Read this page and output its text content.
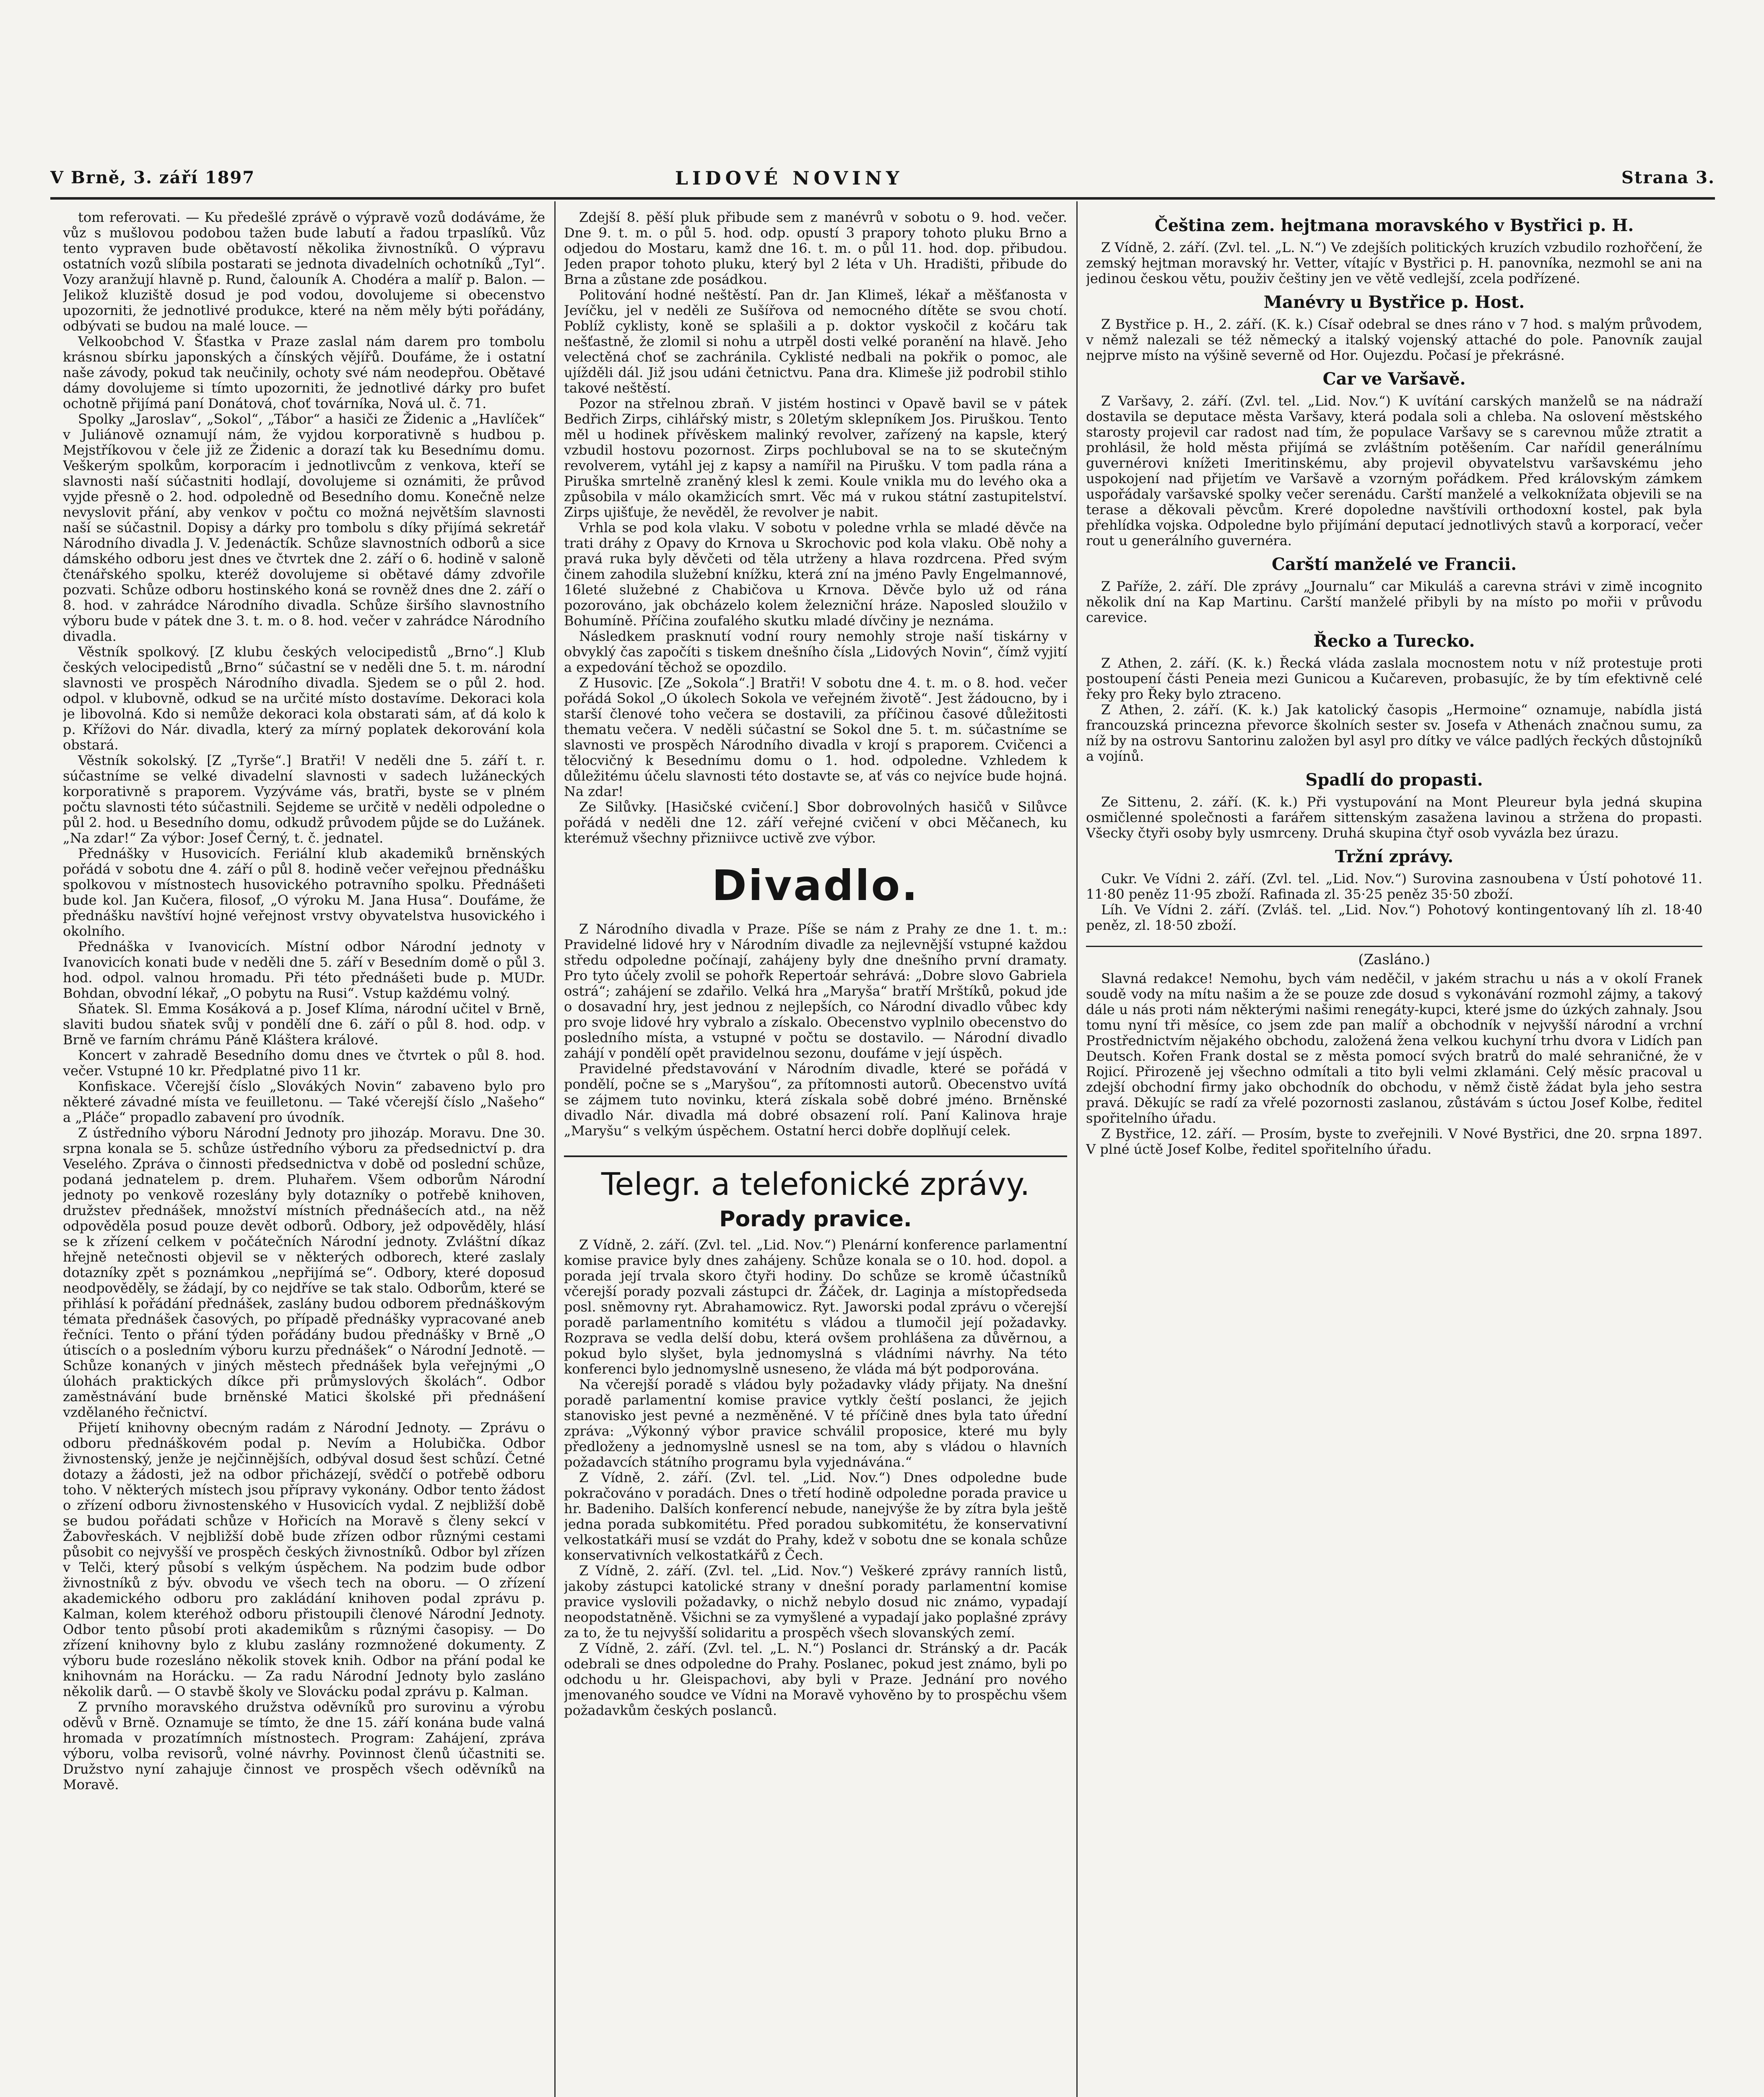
V Brně, 3. září 1897	LIDOVÉ NOVINY	Strana 3.

tom referovati. — Ku předešlé zprávě o výpravě vozů dodáváme, že vůz s mušlovou podobou tažen bude labutí a řadou trpaslíků. Vůz tento vypraven bude obětavostí několika živnostníků. O výpravu ostatních vozů slíbila postarati se jednota divadelních ochotníků „Tyl“. Vozy aranžují hlavně p. Rund, čalouník A. Chodéra a malíř p. Balon. — Jelikož kluziště dosud je pod vodou, dovolujeme si obecenstvo upozorniti, že jednotlivé produkce, které na něm měly býti pořádány, odbývati se budou na malé louce. —

Velkoobchod V. Šťastka v Praze zaslal nám darem pro tombolu krásnou sbírku japonských a čínských vějířů. Doufáme, že i ostatní naše závody, pokud tak neučinily, ochoty své nám neodepřou. Obětavé dámy dovolujeme si tímto upozorniti, že jednotlivé dárky pro bufet ochotně přijímá paní Donátová, choť továrníka, Nová ul. č. 71.

Spolky „Jaroslav“, „Sokol“, „Tábor“ a hasiči ze Židenic a „Havlíček“ v Juliánově oznamují nám, že vyjdou korporativně s hudbou p. Mejstříkovou v čele již ze Židenic a dorazí tak ku Besednímu domu. Veškerým spolkům, korporacím i jednotlivcům z venkova, kteří se slavnosti naší súčastniti hodlají, dovolujeme si oznámiti, že průvod vyjde přesně o 2. hod. odpoledně od Besedního domu. Konečně nelze nevyslovit přání, aby venkov v počtu co možná největším slavnosti naší se súčastnil. Dopisy a dárky pro tombolu s díky přijímá sekretář Národního divadla J. V. Jedenáctík. Schůze slavnostních odborů a sice dámského odboru jest dnes ve čtvrtek dne 2. září o 6. hodině v saloně čtenářského spolku, kteréž dovolujeme si obětavé dámy zdvořile pozvati. Schůze odboru hostinského koná se rovněž dnes dne 2. září o 8. hod. v zahrádce Národního divadla. Schůze širšího slavnostního výboru bude v pátek dne 3. t. m. o 8. hod. večer v zahrádce Národního divadla.

Věstník spolkový. [Z klubu českých velocipedistů „Brno“.] Klub českých velocipedistů „Brno“ súčastní se v neděli dne 5. t. m. národní slavnosti ve prospěch Národního divadla. Sjedem se o půl 2. hod. odpol. v klubovně, odkud se na určité místo dostavíme. Dekoraci kola je libovolná. Kdo si nemůže dekoraci kola obstarati sám, ať dá kolo k p. Křížovi do Nár. divadla, který za mírný poplatek dekorování kola obstará.

Věstník sokolský. [Z „Tyrše“.] Bratři! V neděli dne 5. září t. r. súčastníme se velké divadelní slavnosti v sadech lužáneckých korporativně s praporem. Vyzýváme vás, bratři, byste se v plném počtu slavnosti této súčastnili. Sejdeme se určitě v neděli odpoledne o půl 2. hod. u Besedního domu, odkudž průvodem půjde se do Lužánek. „Na zdar!“ Za výbor: Josef Černý, t. č. jednatel.

Přednášky v Husovicích. Feriální klub akademiků brněnských pořádá v sobotu dne 4. září o půl 8. hodině večer veřejnou přednášku spolkovou v místnostech husovického potravního spolku. Přednášeti bude kol. Jan Kučera, filosof, „O výroku M. Jana Husa“. Doufáme, že přednášku navštíví hojné veřejnost vrstvy obyvatelstva husovického i okolního.

Přednáška v Ivanovicích. Místní odbor Národní jednoty v Ivanovicích konati bude v neděli dne 5. září v Besedním domě o půl 3. hod. odpol. valnou hromadu. Při této přednášeti bude p. MUDr. Bohdan, obvodní lékař, „O pobytu na Rusi“. Vstup každému volný.

Sňatek. Sl. Emma Kosáková a p. Josef Klíma, národní učitel v Brně, slaviti budou sňatek svůj v pondělí dne 6. září o půl 8. hod. odp. v Brně ve farním chrámu Páně Kláštera králové.

Koncert v zahradě Besedního domu dnes ve čtvrtek o půl 8. hod. večer. Vstupné 10 kr. Předplatné pivo 11 kr.

Konfiskace. Včerejší číslo „Slovákých Novin“ zabaveno bylo pro některé závadné místa ve feuilletonu. — Také včerejší číslo „Našeho“ a „Pláče“ propadlo zabavení pro úvodník.

Z ústředního výboru Národní Jednoty pro jihozáp. Moravu. Dne 30. srpna konala se 5. schůze ústředního výboru za předsednictví p. dra Veselého. Zpráva o činnosti předsednictva v době od poslední schůze, podaná jednatelem p. drem. Pluhařem. Všem odborům Národní jednoty po venkově rozeslány byly dotazníky o potřebě knihoven, družstev přednášek, množství místních přednášecích atd., na něž odpověděla posud pouze devět odborů. Odbory, jež odpověděly, hlásí se k zřízení celkem v počátečních Národní jednoty. Zvláštní díkaz hřejně netečnosti objevil se v některých odborech, které zaslaly dotazníky zpět s poznámkou „nepřijímá se“. Odbory, které doposud neodpověděly, se žádají, by co nejdříve se tak stalo. Odborům, které se přihlásí k pořádání přednášek, zaslány budou odborem přednáškovým témata přednášek časových, po případě přednášky vypracované aneb řečníci. Tento o přání týden pořádány budou přednášky v Brně „O útiscích o a posledním výboru kurzu přednášek“ o Národní Jednotě. — Schůze konaných v jiných městech přednášek byla veřejnými „O úlohách praktických díkce při průmyslových školách“. Odbor zaměstnávání bude brněnské Matici školské při přednášení vzdělaného řečnictví.

Přijetí knihovny obecným radám z Národní Jednoty. — Zprávu o odboru přednáškovém podal p. Nevím a Holubička. Odbor živnostenský, jenže je nejčinnějších, odbýval dosud šest schůzí. Četné dotazy a žádosti, jež na odbor přicházejí, svědčí o potřebě odboru toho. V některých místech jsou přípravy vykonány. Odbor tento žádost o zřízení odboru živnostenského v Husovicích vydal. Z nejbližší době se budou pořádati schůze v Hořicích na Moravě s členy sekcí v Žabovřeskách. V nejbližší době bude zřízen odbor různými cestami působit co nejvyšší ve prospěch českých živnostníků. Odbor byl zřízen v Telči, který působí s velkým úspěchem. Na podzim bude odbor živnostníků z býv. obvodu ve všech tech na oboru. — O zřízení akademického odboru pro zakládání knihoven podal zprávu p. Kalman, kolem kteréhož odboru přistoupili členové Národní Jednoty. Odbor tento působí proti akademikům s různými časopisy. — Do zřízení knihovny bylo z klubu zaslány rozmnožené dokumenty. Z výboru bude rozesláno několik stovek knih. Odbor na přání podal ke knihovnám na Horácku. — Za radu Národní Jednoty bylo zasláno několik darů. — O stavbě školy ve Slovácku podal zprávu p. Kalman.

Z prvního moravského družstva oděvníků pro surovinu a výrobu oděvů v Brně. Oznamuje se tímto, že dne 15. září konána bude valná hromada v prozatímních místnostech. Program: Zahájení, zpráva výboru, volba revisorů, volné návrhy. Povinnost členů účastniti se. Družstvo nyní zahajuje činnost ve prospěch všech oděvníků na Moravě.

Zdejší 8. pěší pluk přibude sem z manévrů v sobotu o 9. hod. večer. Dne 9. t. m. o půl 5. hod. odp. opustí 3 prapory tohoto pluku Brno a odjedou do Mostaru, kamž dne 16. t. m. o půl 11. hod. dop. přibudou. Jeden prapor tohoto pluku, který byl 2 léta v Uh. Hradišti, přibude do Brna a zůstane zde posádkou.

Politování hodné neštěstí. Pan dr. Jan Klimeš, lékař a měšťanosta v Jevíčku, jel v neděli ze Sušířova od nemocného dítěte se svou chotí. Poblíž cyklisty, koně se splašili a p. doktor vyskočil z kočáru tak nešťastně, že zlomil si nohu a utrpěl dosti velké poranění na hlavě. Jeho velectěná choť se zachránila. Cyklisté nedbali na pokřik o pomoc, ale ujížděli dál. Již jsou udáni četnictvu. Pana dra. Klimeše již podrobil stihlo takové neštěstí.

Pozor na střelnou zbraň. V jistém hostinci v Opavě bavil se v pátek Bedřich Zirps, cihlářský mistr, s 20letým sklepníkem Jos. Piruškou. Tento měl u hodinek přívěskem malinký revolver, zařízený na kapsle, který vzbudil hostovu pozornost. Zirps pochluboval se na to se skutečným revolverem, vytáhl jej z kapsy a namířil na Pirušku. V tom padla rána a Piruška smrtelně zraněný klesl k zemi. Koule vnikla mu do levého oka a způsobila v málo okamžicích smrt. Věc má v rukou státní zastupitelství. Zirps ujišťuje, že nevěděl, že revolver je nabit.

Vrhla se pod kola vlaku. V sobotu v poledne vrhla se mladé děvče na trati dráhy z Opavy do Krnova u Skrochovic pod kola vlaku. Obě nohy a pravá ruka byly děvčeti od těla utrženy a hlava rozdrcena. Před svým činem zahodila služební knížku, která zní na jméno Pavly Engelmannové, 16leté služebné z Chabičova u Krnova. Děvče bylo už od rána pozorováno, jak obcházelo kolem železniční hráze. Naposled sloužilo v Bohumíně. Příčina zoufalého skutku mladé dívčiny je neznáma.

Následkem prasknutí vodní roury nemohly stroje naší tiskárny v obvyklý čas započíti s tiskem dnešního čísla „Lidových Novin“, čímž vyjití a expedování těchož se opozdilo.

Z Husovic. [Ze „Sokola“.] Bratři! V sobotu dne 4. t. m. o 8. hod. večer pořádá Sokol „O úkolech Sokola ve veřejném životě“. Jest žádoucno, by i starší členové toho večera se dostavili, za příčinou časové důležitosti thematu večera. V neděli súčastní se Sokol dne 5. t. m. súčastníme se slavnosti ve prospěch Národního divadla v krojí s praporem. Cvičenci a tělocvičný k Besednímu domu o 1. hod. odpoledne. Vzhledem k důležitému účelu slavnosti této dostavte se, ať vás co nejvíce bude hojná. Na zdar!

Ze Silůvky. [Hasičské cvičení.] Sbor dobrovolných hasičů v Silůvce pořádá v neděli dne 12. září veřejné cvičení v obci Měčanech, ku kterémuž všechny přizniivce uctivě zve výbor.

Divadlo.

Z Národního divadla v Praze. Píše se nám z Prahy ze dne 1. t. m.: Pravidelné lidové hry v Národním divadle za nejlevnější vstupné každou středu odpoledne počínají, zahájeny byly dne dnešního první dramaty. Pro tyto účely zvolil se pohořk Repertoár sehrává: „Dobre slovo Gabriela ostrá“; zahájení se zdařilo. Velká hra „Maryša“ bratří Mrštíků, pokud jde o dosavadní hry, jest jednou z nejlepších, co Národní divadlo vůbec kdy pro svoje lidové hry vybralo a získalo. Obecenstvo vyplnilo obecenstvo do posledního místa, a vstupné v počtu se dostavilo. — Národní divadlo zahájí v pondělí opět pravidelnou sezonu, doufáme v její úspěch.

Pravidelné představování v Národním divadle, které se pořádá v pondělí, počne se s „Maryšou“, za přítomnosti autorů. Obecenstvo uvítá se zájmem tuto novinku, která získala sobě dobré jméno. Brněnské divadlo Nár. divadla má dobré obsazení rolí. Paní Kalinova hraje „Maryšu“ s velkým úspěchem. Ostatní herci dobře doplňují celek.

Telegr. a telefonické zprávy.
Porady pravice.

Z Vídně, 2. září. (Zvl. tel. „Lid. Nov.“) Plenární konference parlamentní komise pravice byly dnes zahájeny. Schůze konala se o 10. hod. dopol. a porada její trvala skoro čtyři hodiny. Do schůze se kromě účastníků včerejší porady pozvali zástupci dr. Žáček, dr. Laginja a místopředseda posl. sněmovny ryt. Abrahamowicz. Ryt. Jaworski podal zprávu o včerejší poradě parlamentního komitétu s vládou a tlumočil její požadavky. Rozprava se vedla delší dobu, která ovšem prohlášena za důvěrnou, a pokud bylo slyšet, byla jednomyslná s vládními návrhy. Na této konferenci bylo jednomyslně usneseno, že vláda má být podporována.

Na včerejší poradě s vládou byly požadavky vlády přijaty. Na dnešní poradě parlamentní komise pravice vytkly čeští poslanci, že jejich stanovisko jest pevné a nezměněné. V té příčině dnes byla tato úřední zpráva: „Výkonný výbor pravice schválil proposice, které mu byly předloženy a jednomyslně usnesl se na tom, aby s vládou o hlavních požadavcích státního programu byla vyjednávána.“

Z Vídně, 2. září. (Zvl. tel. „Lid. Nov.“) Dnes odpoledne bude pokračováno v poradách. Dnes o třetí hodině odpoledne porada pravice u hr. Badeniho. Dalších konferencí nebude, nanejvýše že by zítra byla ještě jedna porada subkomitétu. Před poradou subkomitétu, že konservativní velkostatkáři musí se vzdát do Prahy, kdež v sobotu dne se konala schůze konservativních velkostatkářů z Čech.

Z Vídně, 2. září. (Zvl. tel. „Lid. Nov.“) Veškeré zprávy ranních listů, jakoby zástupci katolické strany v dnešní porady parlamentní komise pravice vyslovili požadavky, o nichž nebylo dosud nic známo, vypadají neopodstatněně. Všichni se za vymyšlené a vypadají jako poplašné zprávy za to, že tu nejvyšší solidaritu a prospěch všech slovanských zemí.

Z Vídně, 2. září. (Zvl. tel. „L. N.“) Poslanci dr. Stránský a dr. Pacák odebrali se dnes odpoledne do Prahy. Poslanec, pokud jest známo, byli po odchodu u hr. Gleispachovi, aby byli v Praze. Jednání pro nového jmenovaného soudce ve Vídni na Moravě vyhověno by to prospěchu všem požadavkům českých poslanců.

Čeština zem. hejtmana moravského v Bystřici p. H.

Z Vídně, 2. září. (Zvl. tel. „L. N.“) Ve zdejších politických kruzích vzbudilo rozhořčení, že zemský hejtman moravský hr. Vetter, vítajíc v Bystřici p. H. panovníka, nezmohl se ani na jedinou českou větu, použiv češtiny jen ve větě vedlejší, zcela podřízené.

Manévry u Bystřice p. Host.

Z Bystřice p. H., 2. září. (K. k.) Císař odebral se dnes ráno v 7 hod. s malým průvodem, v němž nalezali se též německý a italský vojenský attaché do pole. Panovník zaujal nejprve místo na výšině severně od Hor. Oujezdu. Počasí je překrásné.

Car ve Varšavě.

Z Varšavy, 2. září. (Zvl. tel. „Lid. Nov.“) K uvítání carských manželů se na nádraží dostavila se deputace města Varšavy, která podala soli a chleba. Na oslovení městského starosty projevil car radost nad tím, že populace Varšavy se s carevnou může ztratit a prohlásil, že hold města přijímá se zvláštním potěšením. Car nařídil generálnímu guvernérovi knížeti Imeritinskému, aby projevil obyvatelstvu varšavskému jeho uspokojení nad přijetím ve Varšavě a vzorným pořádkem. Před královským zámkem uspořádaly varšavské spolky večer serenádu. Carští manželé a velkoknížata objevili se na terase a děkovali pěvcům. Kreré dopoledne navštívili orthodoxní kostel, pak byla přehlídka vojska. Odpoledne bylo přijímání deputací jednotlivých stavů a korporací, večer rout u generálního guvernéra.

Carští manželé ve Francii.

Z Paříže, 2. září. Dle zprávy „Journalu“ car Mikuláš a carevna strávi v zimě incognito několik dní na Kap Martinu. Carští manželé přibyli by na místo po mořii v průvodu carevice.

Řecko a Turecko.

Z Athen, 2. září. (K. k.) Řecká vláda zaslala mocnostem notu v níž protestuje proti postoupení části Peneia mezi Gunicou a Kučareven, probasujíc, že by tím efektivně celé řeky pro Řeky bylo ztraceno.

Z Athen, 2. září. (K. k.) Jak katolický časopis „Hermoine“ oznamuje, nabídla jistá francouzská princezna převorce školních sester sv. Josefa v Athenách značnou sumu, za níž by na ostrovu Santorinu založen byl asyl pro dítky ve válce padlých řeckých důstojníků a vojínů.

Spadlí do propasti.

Ze Sittenu, 2. září. (K. k.) Při vystupování na Mont Pleureur byla jedná skupina osmičlenné společnosti a farářem sittenským zasažena lavinou a stržena do propasti. Všecky čtyři osoby byly usmrceny. Druhá skupina čtyř osob vyvázla bez úrazu.

Tržní zprávy.

Cukr. Ve Vídni 2. září. (Zvl. tel. „Lid. Nov.“) Surovina zasnoubena v Ústí pohotové 11. 11·80 peněz 11·95 zboží. Rafinada zl. 35·25 peněz 35·50 zboží.

Líh. Ve Vídni 2. září. (Zvláš. tel. „Lid. Nov.“) Pohotový kontingentovaný líh zl. 18·40 peněz, zl. 18·50 zboží.

(Zasláno.)

Slavná redakce! Nemohu, bych vám neděčil, v jakém strachu u nás a v okolí Franek soudě vody na mítu našim a že se pouze zde dosud s vykonávání rozmohl zájmy, a takový dále u nás proti nám některými našimi renegáty-kupci, které jsme do úzkých zahnaly. Jsou tomu nyní tři měsíce, co jsem zde pan malíř a obchodník v nejvyšší národní a vrchní Prostřednictvím nějakého obchodu, založená žena velkou kuchyní trhu dvora v Lidích pan Deutsch. Kořen Frank dostal se z města pomocí svých bratrů do malé sehraničné, že v Rojicí. Přirozeně jej všechno odmítali a tito byli velmi zklamáni. Celý měsíc pracoval u zdejší obchodní firmy jako obchodník do obchodu, v němž čistě žádat byla jeho sestra pravá. Děkujíc se radí za vřelé pozornosti zaslanou, zůstávám s úctou Josef Kolbe, ředitel spořitelního úřadu.

Z Bystřice, 12. září. — Prosím, byste to zveřejnili. V Nové Bystřici, dne 20. srpna 1897. V plné úctě Josef Kolbe, ředitel spořitelního úřadu.
